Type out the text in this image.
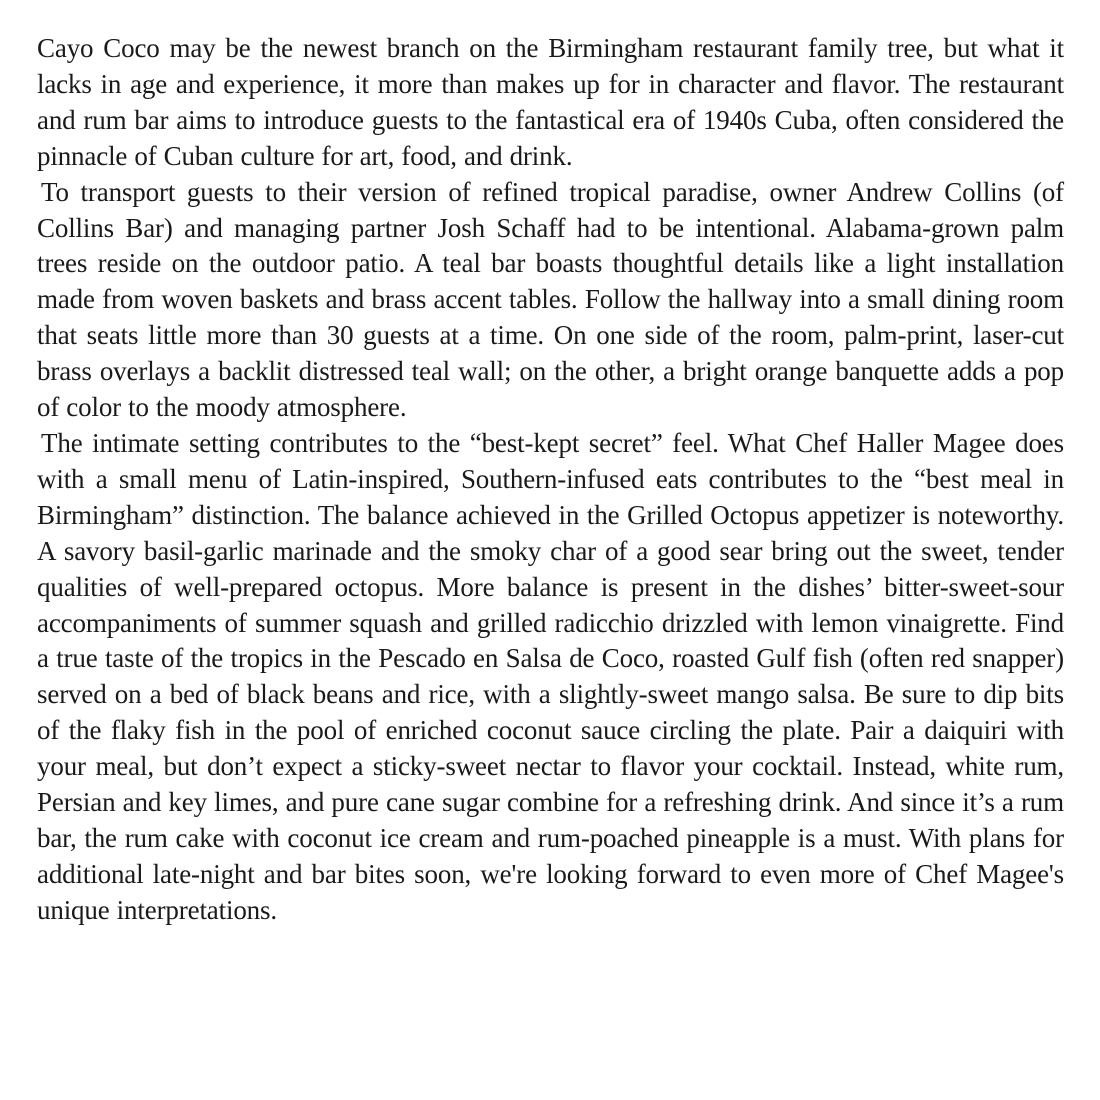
Cayo Coco may be the newest branch on the Birmingham restaurant family tree, but what it lacks in age and experience, it more than makes up for in character and flavor. The restaurant and rum bar aims to introduce guests to the fantastical era of 1940s Cuba, often considered the pinnacle of Cuban culture for art, food, and drink.

To transport guests to their version of refined tropical paradise, owner Andrew Collins (of Collins Bar) and managing partner Josh Schaff had to be intentional. Alabama-grown palm trees reside on the outdoor patio. A teal bar boasts thoughtful details like a light installation made from woven baskets and brass accent tables. Follow the hallway into a small dining room that seats little more than 30 guests at a time. On one side of the room, palm-print, laser-cut brass overlays a backlit distressed teal wall; on the other, a bright orange banquette adds a pop of color to the moody atmosphere.

The intimate setting contributes to the “best-kept secret” feel. What Chef Haller Magee does with a small menu of Latin-inspired, Southern-infused eats contributes to the “best meal in Birmingham” distinction. The balance achieved in the Grilled Octopus appetizer is noteworthy. A savory basil-garlic marinade and the smoky char of a good sear bring out the sweet, tender qualities of well-prepared octopus. More balance is present in the dishes’ bitter-sweet-sour accompaniments of summer squash and grilled radicchio drizzled with lemon vinaigrette. Find a true taste of the tropics in the Pescado en Salsa de Coco, roasted Gulf fish (often red snapper) served on a bed of black beans and rice, with a slightly-sweet mango salsa. Be sure to dip bits of the flaky fish in the pool of enriched coconut sauce circling the plate. Pair a daiquiri with your meal, but don’t expect a sticky-sweet nectar to flavor your cocktail. Instead, white rum, Persian and key limes, and pure cane sugar combine for a refreshing drink. And since it’s a rum bar, the rum cake with coconut ice cream and rum-poached pineapple is a must. With plans for additional late-night and bar bites soon, we're looking forward to even more of Chef Magee's unique interpretations.
